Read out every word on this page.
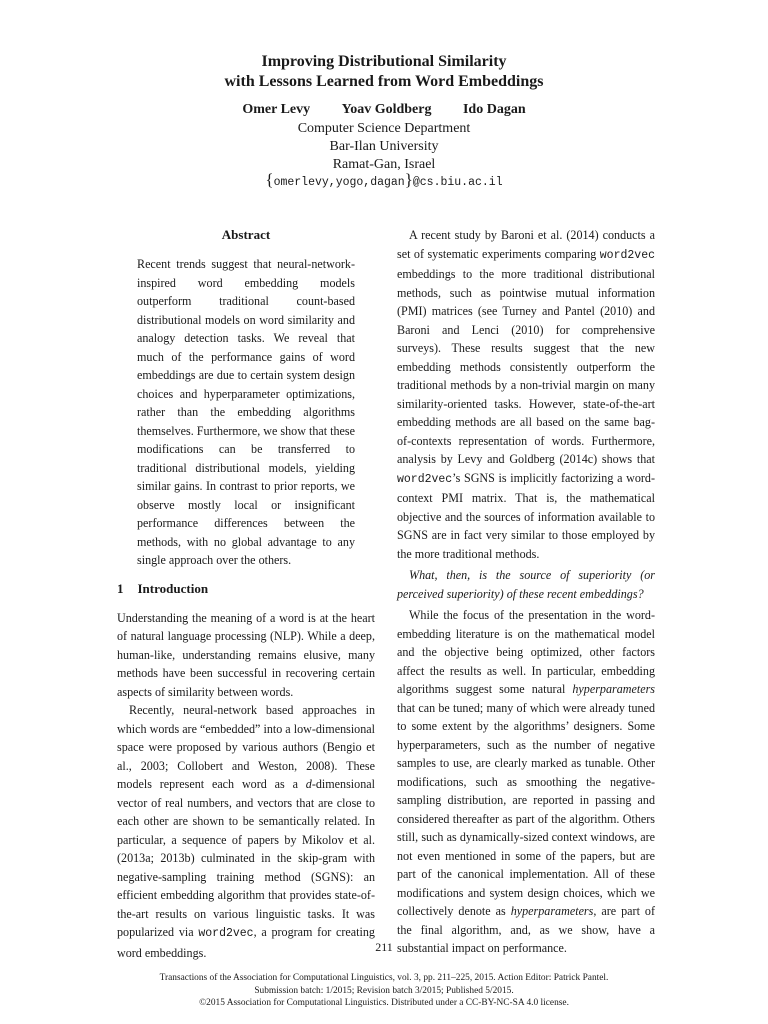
Improving Distributional Similarity
with Lessons Learned from Word Embeddings
Omer Levy Yoav Goldberg Ido Dagan
Computer Science Department
Bar-Ilan University
Ramat-Gan, Israel
{omerlevy,yogo,dagan}@cs.biu.ac.il
Abstract

Recent trends suggest that neural-network-inspired word embedding models outperform traditional count-based distributional models on word similarity and analogy detection tasks. We reveal that much of the performance gains of word embeddings are due to certain system design choices and hyperparameter optimizations, rather than the embedding algorithms themselves. Furthermore, we show that these modifications can be transferred to traditional distributional models, yielding similar gains. In contrast to prior reports, we observe mostly local or insignificant performance differences between the methods, with no global advantage to any single approach over the others.

1 Introduction

Understanding the meaning of a word is at the heart of natural language processing (NLP). While a deep, human-like, understanding remains elusive, many methods have been successful in recovering certain aspects of similarity between words.

Recently, neural-network based approaches in which words are “embedded” into a low-dimensional space were proposed by various authors (Bengio et al., 2003; Collobert and Weston, 2008). These models represent each word as a d-dimensional vector of real numbers, and vectors that are close to each other are shown to be semantically related. In particular, a sequence of papers by Mikolov et al. (2013a; 2013b) culminated in the skip-gram with negative-sampling training method (SGNS): an efficient embedding algorithm that provides state-of-the-art results on various linguistic tasks. It was popularized via word2vec, a program for creating word embeddings.

A recent study by Baroni et al. (2014) conducts a set of systematic experiments comparing word2vec embeddings to the more traditional distributional methods, such as pointwise mutual information (PMI) matrices (see Turney and Pantel (2010) and Baroni and Lenci (2010) for comprehensive surveys). These results suggest that the new embedding methods consistently outperform the traditional methods by a non-trivial margin on many similarity-oriented tasks. However, state-of-the-art embedding methods are all based on the same bag-of-contexts representation of words. Furthermore, analysis by Levy and Goldberg (2014c) shows that word2vec’s SGNS is implicitly factorizing a word-context PMI matrix. That is, the mathematical objective and the sources of information available to SGNS are in fact very similar to those employed by the more traditional methods.

What, then, is the source of superiority (or perceived superiority) of these recent embeddings?

While the focus of the presentation in the word-embedding literature is on the mathematical model and the objective being optimized, other factors affect the results as well. In particular, embedding algorithms suggest some natural hyperparameters that can be tuned; many of which were already tuned to some extent by the algorithms’ designers. Some hyperparameters, such as the number of negative samples to use, are clearly marked as tunable. Other modifications, such as smoothing the negative-sampling distribution, are reported in passing and considered thereafter as part of the algorithm. Others still, such as dynamically-sized context windows, are not even mentioned in some of the papers, but are part of the canonical implementation. All of these modifications and system design choices, which we collectively denote as hyperparameters, are part of the final algorithm, and, as we show, have a substantial impact on performance.

211
Transactions of the Association for Computational Linguistics, vol. 3, pp. 211–225, 2015. Action Editor: Patrick Pantel.
Submission batch: 1/2015; Revision batch 3/2015; Published 5/2015.
©2015 Association for Computational Linguistics. Distributed under a CC-BY-NC-SA 4.0 license.
